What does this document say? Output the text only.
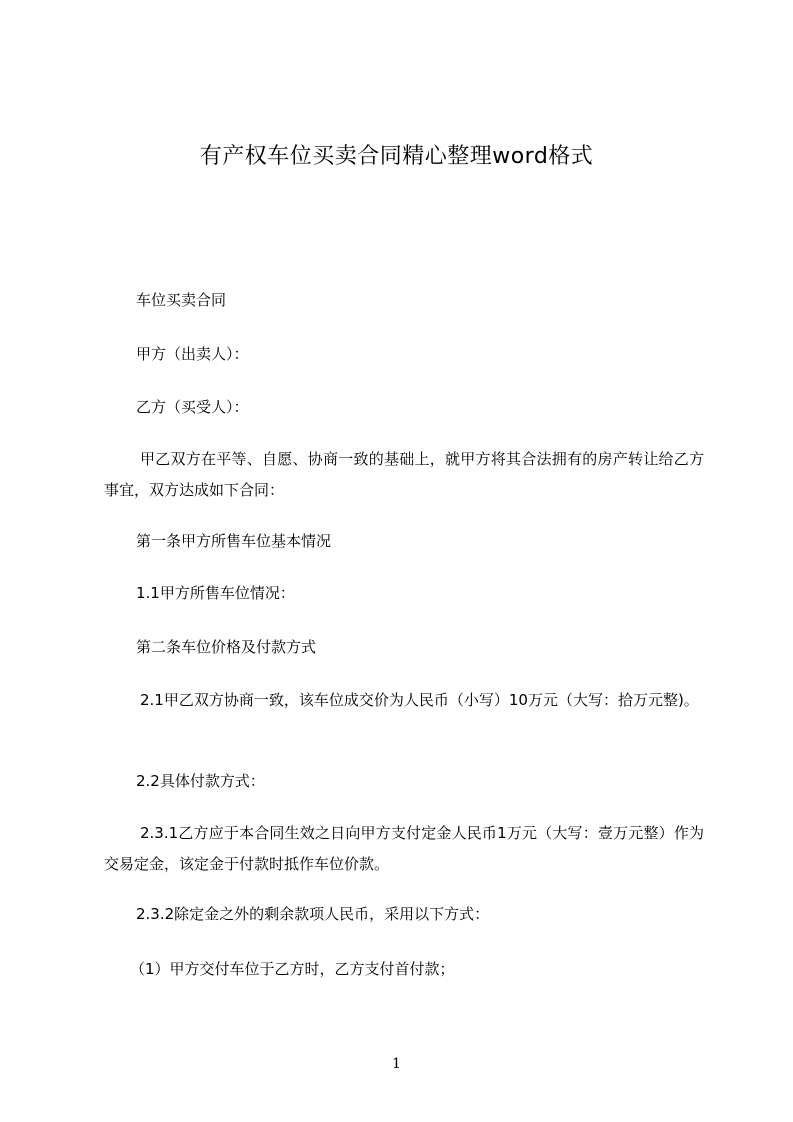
有产权车位买卖合同精心整理word格式
车位买卖合同
甲方（出卖人）：
乙方（买受人）：
甲乙双方在平等、自愿、协商一致的基础上，就甲方将其合法拥有的房产转让给乙方事宜，双方达成如下合同：
第一条甲方所售车位基本情况
1.1甲方所售车位情况：
第二条车位价格及付款方式
2.1甲乙双方协商一致，该车位成交价为人民币（小写）10万元（大写：拾万元整)。
2.2具体付款方式：
2.3.1乙方应于本合同生效之日向甲方支付定金人民币1万元（大写：壹万元整）作为交易定金，该定金于付款时抵作车位价款。
2.3.2除定金之外的剩余款项人民币，采用以下方式：
（1）甲方交付车位于乙方时，乙方支付首付款；
1
